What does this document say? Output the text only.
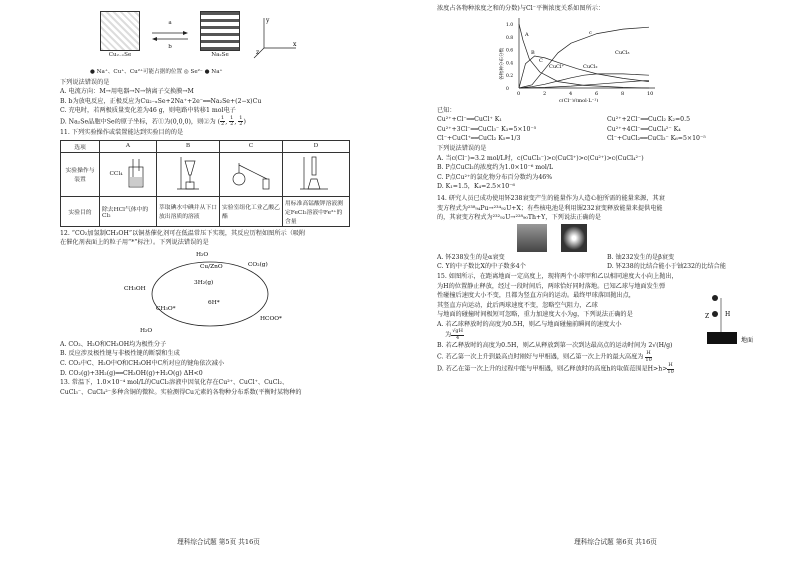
Cu₂₋ₓSe
a
b
Na₂Se
y
x
z
● Na⁺、Cu⁺、Cu²⁺可能占据的位置 ◎ Se²⁻ ● Na⁺
下列说法错误的是
A. 电流方向：M→用电器→N→钠离子交换膜→M
B. b为放电反应，正极反应为Cu₂₋ₓSe+2Na⁺+2e⁻══Na₂Se+(2−x)Cu
C. 充电时，若两极质量变化差为46 g，则电路中转移1 mol电子
D. Na₂Se晶胞中Se的原子坐标，若①为(0,0,0)，则②为 ( $\frac{1}{2}$ , $\frac{1}{2}$ , $\frac{1}{2}$ )
11. 下列实验操作或装置能达到实验目的的是
选项	A	B	C	D
实验操作与装置	CCl₄

实验目的	除去HCl气体中的Cl₂	萃取碘水中碘并从下口放出溶质的溶液	实验室组化工业乙酸乙酯	用标准高锰酸钾溶液测定FeCl₂溶液中Fe²⁺的含量
12. “CO₂加氢制CH₃OH”以铜基催化剂可在低温常压下实现，其反应历程如图所示（吸附
在催化剂表面上的粒子用“*”标注）。下列说法错误的是
H₂O
Cu/ZnO	CO₂(g)
3H₂(g)
6H*
CH₃OH
CH₃O*
H₂O
HCOO*
A. CO₂、H₂O和CH₃OH均为极性分子
B. 反应涉及极性键与非极性键的断裂和生成
C. CO₂中C、H₂O中O和CH₃OH中C所对应的键角依次减小
D. CO₂(g)+3H₂(g)══CH₃OH(g)+H₂O(g) ΔH<0
13. 常温下，1.0×10⁻⁴ mol/L的CuCl₂溶液中因氧化存在Cu²⁺、CuCl⁺、CuCl₂、
CuCl₃⁻、CuCl₄²⁻多种含铜的微粒。实验测得Cu元素的各物种分布系数(平衡时某物种的
理科综合试题 第5页 共16页
浓度占各物种浓度之和的分数)与Cl⁻平衡浓度关系如图所示：
0	2	4	6	8	10
1.0
0.8
0.6
0.4
0.2
0
c(Cl⁻)/(mol·L⁻¹)
各物种分布分数
c
CuCl⁺	CuCl₂
CuCl₃
A
B
C
已知：
Cu²⁺+Cl⁻══CuCl⁺ K₁	Cu²⁺+2Cl⁻══CuCl₂ K₂=0.5
Cu²⁺+3Cl⁻══CuCl₃⁻ K₃=5×10⁻⁵	Cu²⁺+4Cl⁻══CuCl₄²⁻ K₄
Cl⁻+CuCl⁺══CuCl₂ K₅=1/3	Cl⁻+CuCl₂══CuCl₃⁻ K₆=5×10⁻⁵
下列说法错误的是
A. 当c(Cl⁻)=3.2 mol/L时，c(CuCl₃⁻)>c(CuCl⁺)>c(Cu²⁺)>c(CuCl₄²⁻)
B. P点CuCl₂的浓度约为1.0×10⁻⁶ mol/L
C. P点Cu²⁺的氯化物分布百分数约为46%
D. K₁=1.5，K₄=2.5×10⁻⁶
14. 研究人员已成功使用钚238衰变产生的能量作为人造心脏所需的能量来源，其衰
变方程式为²³⁸₉₄Pu→²³⁴₉₂U+X；有些核电池是利用镅232衰变释放能量来提供电能
的，其衰变方程式为²³²₉₂U→²²⁸₉₀Th+Y，下列说法正确的是
A. 钚238发生的是α衰变	B. 铀232发生的是β衰变
C. Y的中子数比X的中子数多4个	D. 钚238的比结合能小于铀232的比结合能
15. 如图所示，在距离地面一定高度上，现将两个小球甲和乙以相同速度大小向上抛出，
为H的位置静止释放，经过一段时间后，两球恰好同时落地。已知乙球与地面发生弹
性碰撞后速度大小不变，且都为竖直方向的运动。最终甲球落回抛出点，
其竖直方向运动，此后两球速度不变，忽略空气阻力，乙球
与地面的碰撞时间极短可忽略，重力加速度大小为g，下列说法正确的是
A. 若乙球释放时的高度为0.5H，则乙与地面碰撞前瞬间的速度大小
为 $\frac{√gH}{4}$
Z	H
地面
B. 若乙释放时的高度为0.5H，则乙从释放到第一次到达最高点的运动时间为 2√(H/g)
C. 若乙第一次上升到最高点时刚好与甲相遇，则乙第一次上升的最大高度为 $\frac{H}{10}$
D. 若乙在第一次上升的过程中能与甲相遇，则乙释放时的高度h的取值范围是$H>h> \frac{H}{10}$
理科综合试题 第6页 共16页
